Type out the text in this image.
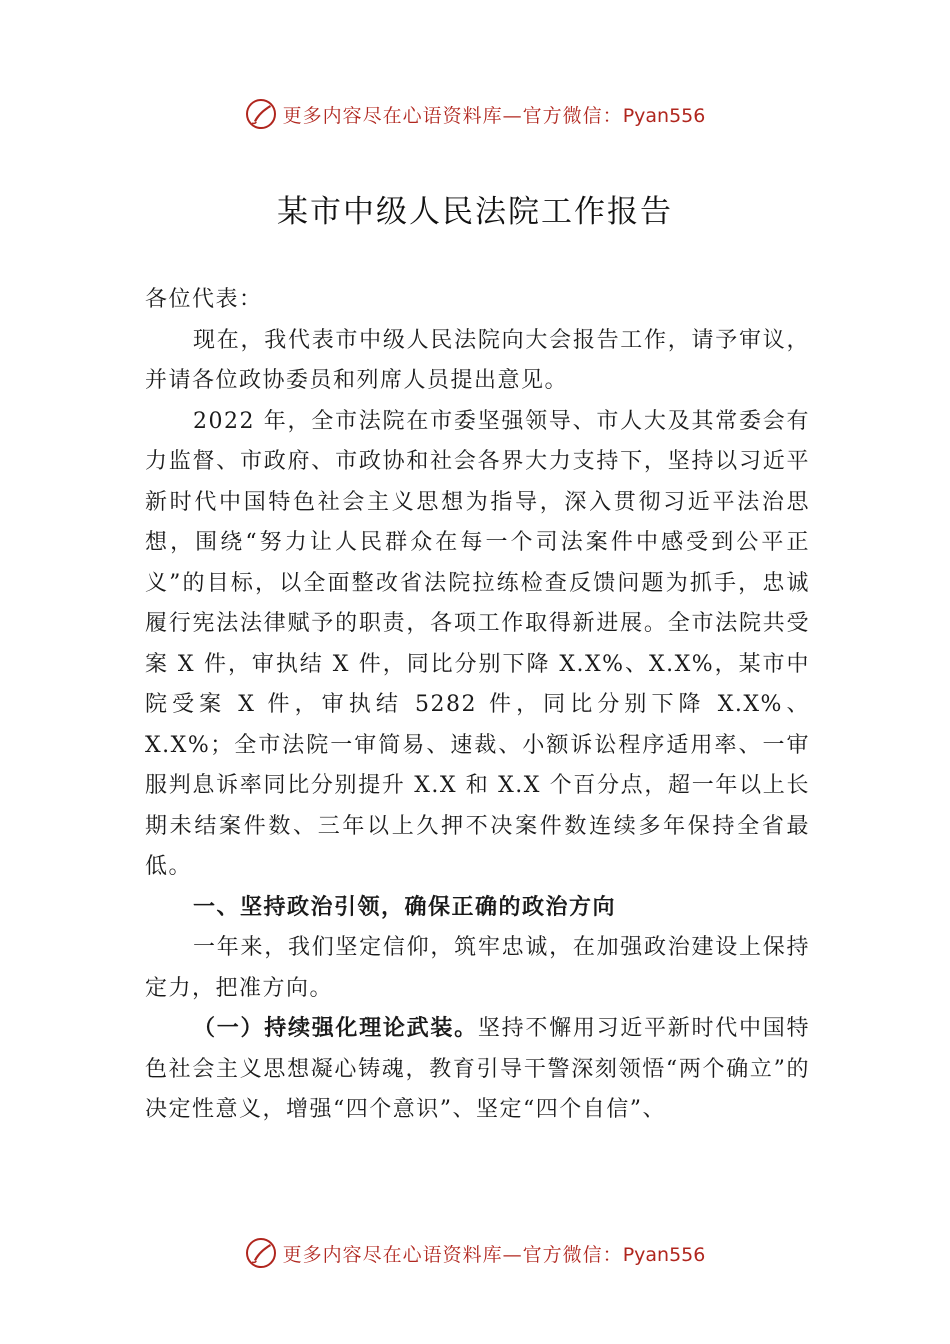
更多内容尽在心语资料库—官方微信：Pyan556
某市中级人民法院工作报告

各位代表：

现在，我代表市中级人民法院向大会报告工作，请予审议，并请各位政协委员和列席人员提出意见。

2022 年，全市法院在市委坚强领导、市人大及其常委会有力监督、市政府、市政协和社会各界大力支持下，坚持以习近平新时代中国特色社会主义思想为指导，深入贯彻习近平法治思想，围绕“努力让人民群众在每一个司法案件中感受到公平正义”的目标，以全面整改省法院拉练检查反馈问题为抓手，忠诚履行宪法法律赋予的职责，各项工作取得新进展。全市法院共受案 X 件，审执结 X 件，同比分别下降 X.X%、X.X%，某市中院受案 X 件，审执结 5282 件，同比分别下降 X.X%、X.X%；全市法院一审简易、速裁、小额诉讼程序适用率、一审服判息诉率同比分别提升 X.X 和 X.X 个百分点，超一年以上长期未结案件数、三年以上久押不决案件数连续多年保持全省最低。

一、坚持政治引领，确保正确的政治方向

一年来，我们坚定信仰，筑牢忠诚，在加强政治建设上保持定力，把准方向。

（一）持续强化理论武装。坚持不懈用习近平新时代中国特色社会主义思想凝心铸魂，教育引导干警深刻领悟“两个确立”的决定性意义，增强“四个意识”、坚定“四个自信”、

更多内容尽在心语资料库—官方微信：Pyan556
